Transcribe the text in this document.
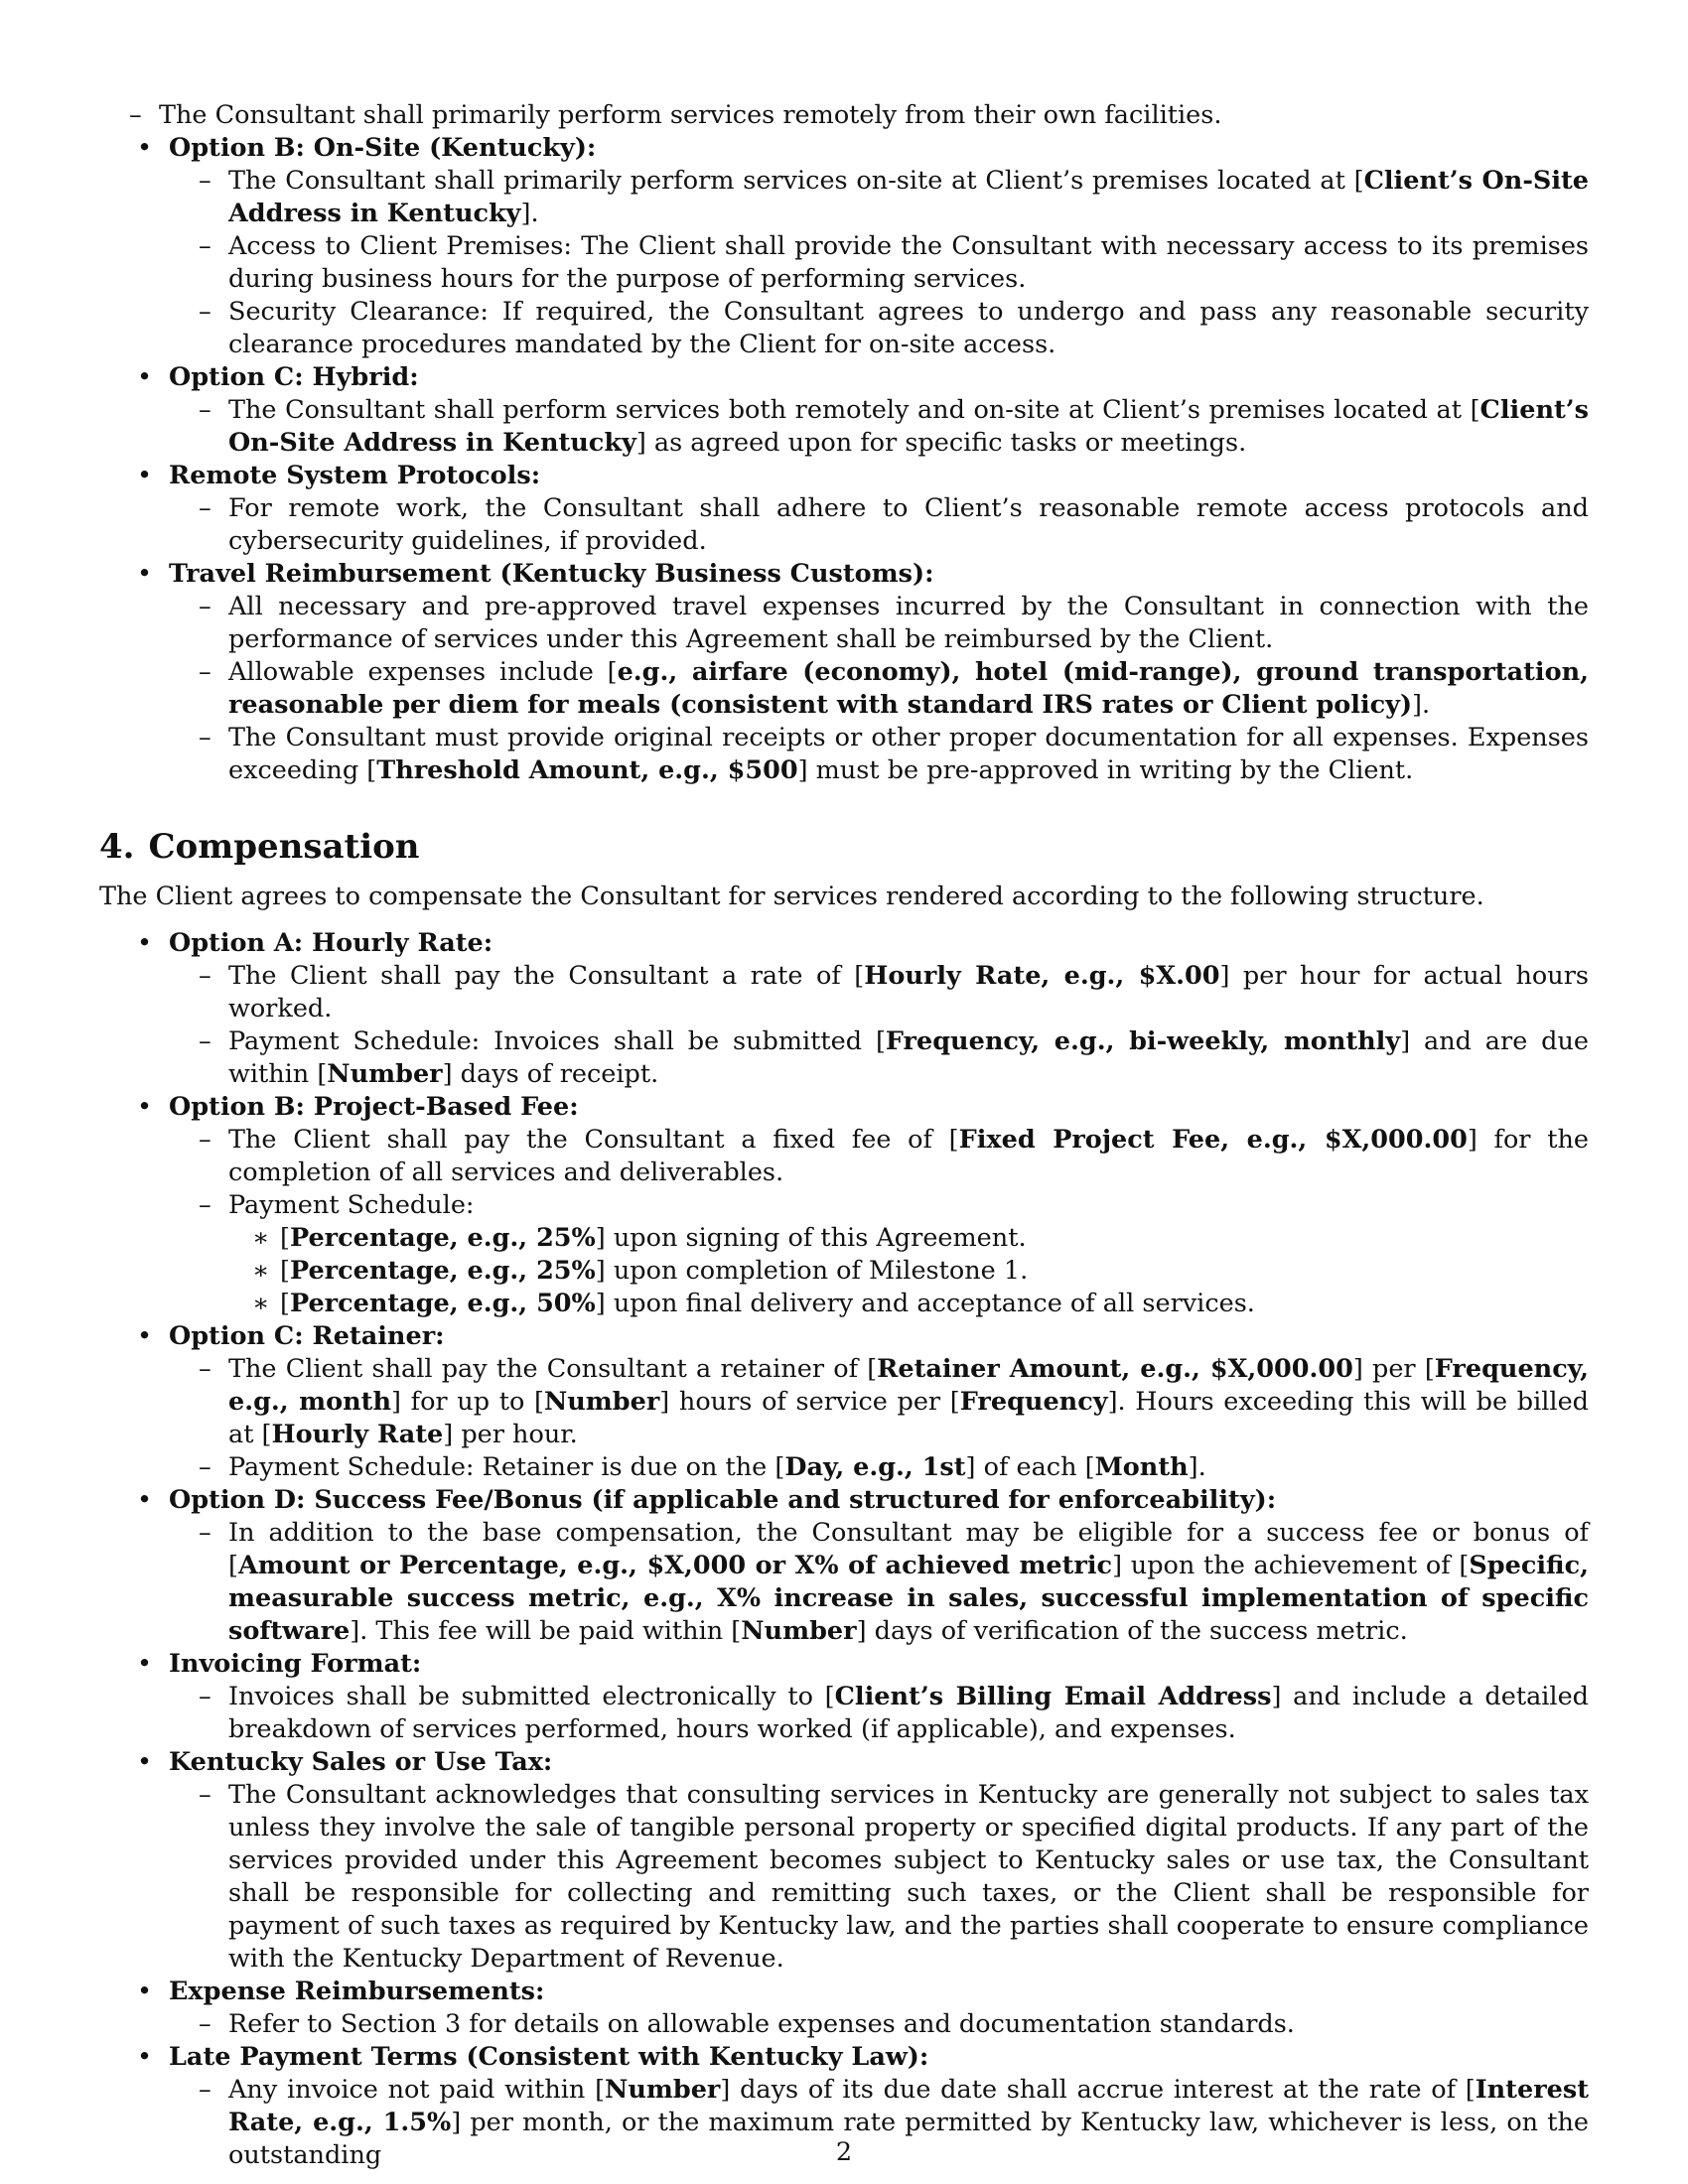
– The Consultant shall primarily perform services remotely from their own facilities.
• Option B: On-Site (Kentucky):
– The Consultant shall primarily perform services on-site at Client’s premises located at [Client’s On-Site Address in Kentucky].
– Access to Client Premises: The Client shall provide the Consultant with necessary access to its premises during business hours for the purpose of performing services.
– Security Clearance: If required, the Consultant agrees to undergo and pass any reasonable security clearance procedures mandated by the Client for on-site access.
• Option C: Hybrid:
– The Consultant shall perform services both remotely and on-site at Client’s premises located at [Client’s On-Site Address in Kentucky] as agreed upon for specific tasks or meetings.
• Remote System Protocols:
– For remote work, the Consultant shall adhere to Client’s reasonable remote access protocols and cybersecurity guidelines, if provided.
• Travel Reimbursement (Kentucky Business Customs):
– All necessary and pre-approved travel expenses incurred by the Consultant in connection with the performance of services under this Agreement shall be reimbursed by the Client.
– Allowable expenses include [e.g., airfare (economy), hotel (mid-range), ground transportation, reasonable per diem for meals (consistent with standard IRS rates or Client policy)].
– The Consultant must provide original receipts or other proper documentation for all expenses. Expenses exceeding [Threshold Amount, e.g., $500] must be pre-approved in writing by the Client.
4. Compensation

The Client agrees to compensate the Consultant for services rendered according to the following structure.

• Option A: Hourly Rate:
– The Client shall pay the Consultant a rate of [Hourly Rate, e.g., $X.00] per hour for actual hours worked.
– Payment Schedule: Invoices shall be submitted [Frequency, e.g., bi-weekly, monthly] and are due within [Number] days of receipt.
• Option B: Project-Based Fee:
– The Client shall pay the Consultant a fixed fee of [Fixed Project Fee, e.g., $X,000.00] for the completion of all services and deliverables.
– Payment Schedule:
∗ [Percentage, e.g., 25%] upon signing of this Agreement.
∗ [Percentage, e.g., 25%] upon completion of Milestone 1.
∗ [Percentage, e.g., 50%] upon final delivery and acceptance of all services.
• Option C: Retainer:
– The Client shall pay the Consultant a retainer of [Retainer Amount, e.g., $X,000.00] per [Frequency, e.g., month] for up to [Number] hours of service per [Frequency]. Hours exceeding this will be billed at [Hourly Rate] per hour.
– Payment Schedule: Retainer is due on the [Day, e.g., 1st] of each [Month].
• Option D: Success Fee/Bonus (if applicable and structured for enforceability):
– In addition to the base compensation, the Consultant may be eligible for a success fee or bonus of [Amount or Percentage, e.g., $X,000 or X% of achieved metric] upon the achievement of [Specific, measurable success metric, e.g., X% increase in sales, successful implementation of specific software]. This fee will be paid within [Number] days of verification of the success metric.
• Invoicing Format:
– Invoices shall be submitted electronically to [Client’s Billing Email Address] and include a detailed breakdown of services performed, hours worked (if applicable), and expenses.
• Kentucky Sales or Use Tax:
– The Consultant acknowledges that consulting services in Kentucky are generally not subject to sales tax unless they involve the sale of tangible personal property or specified digital products. If any part of the services provided under this Agreement becomes subject to Kentucky sales or use tax, the Consultant shall be responsible for collecting and remitting such taxes, or the Client shall be responsible for payment of such taxes as required by Kentucky law, and the parties shall cooperate to ensure compliance with the Kentucky Department of Revenue.
• Expense Reimbursements:
– Refer to Section 3 for details on allowable expenses and documentation standards.
• Late Payment Terms (Consistent with Kentucky Law):
– Any invoice not paid within [Number] days of its due date shall accrue interest at the rate of [Interest Rate, e.g., 1.5%] per month, or the maximum rate permitted by Kentucky law, whichever is less, on the outstanding	2
